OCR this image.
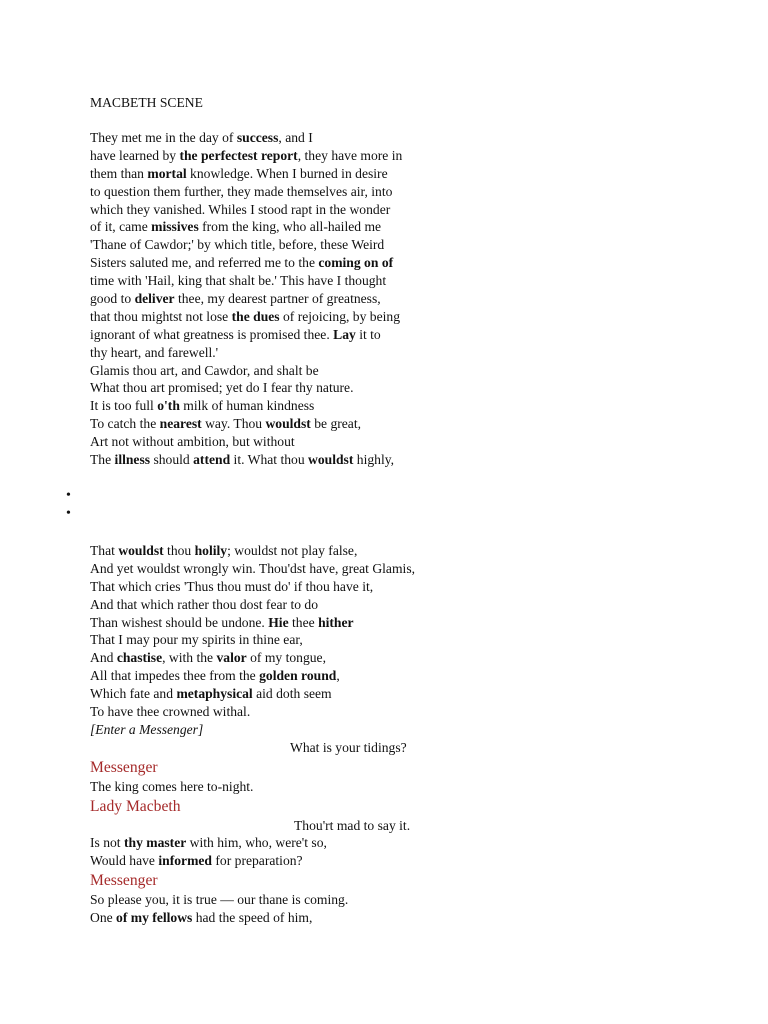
MACBETH SCENE
They met me in the day of success, and I
have learned by the perfectest report, they have more in
them than mortal knowledge. When I burned in desire
to question them further, they made themselves air, into
which they vanished. Whiles I stood rapt in the wonder
of it, came missives from the king, who all-hailed me
'Thane of Cawdor;' by which title, before, these Weird
Sisters saluted me, and referred me to the coming on of
time with 'Hail, king that shalt be.' This have I thought
good to deliver thee, my dearest partner of greatness,
that thou mightst not lose the dues of rejoicing, by being
ignorant of what greatness is promised thee. Lay it to
thy heart, and farewell.'
Glamis thou art, and Cawdor, and shalt be
What thou art promised; yet do I fear thy nature.
It is too full o'th milk of human kindness
To catch the nearest way. Thou wouldst be great,
Art not without ambition, but without
The illness should attend it. What thou wouldst highly,
•
•
That wouldst thou holily; wouldst not play false,
And yet wouldst wrongly win. Thou'dst have, great Glamis,
That which cries 'Thus thou must do' if thou have it,
And that which rather thou dost fear to do
Than wishest should be undone. Hie thee hither
That I may pour my spirits in thine ear,
And chastise, with the valor of my tongue,
All that impedes thee from the golden round,
Which fate and metaphysical aid doth seem
To have thee crowned withal.
[Enter a Messenger]
What is your tidings?
Messenger
The king comes here to-night.
Lady Macbeth
Thou'rt mad to say it.
Is not thy master with him, who, were't so,
Would have informed for preparation?
Messenger
So please you, it is true — our thane is coming.
One of my fellows had the speed of him,
